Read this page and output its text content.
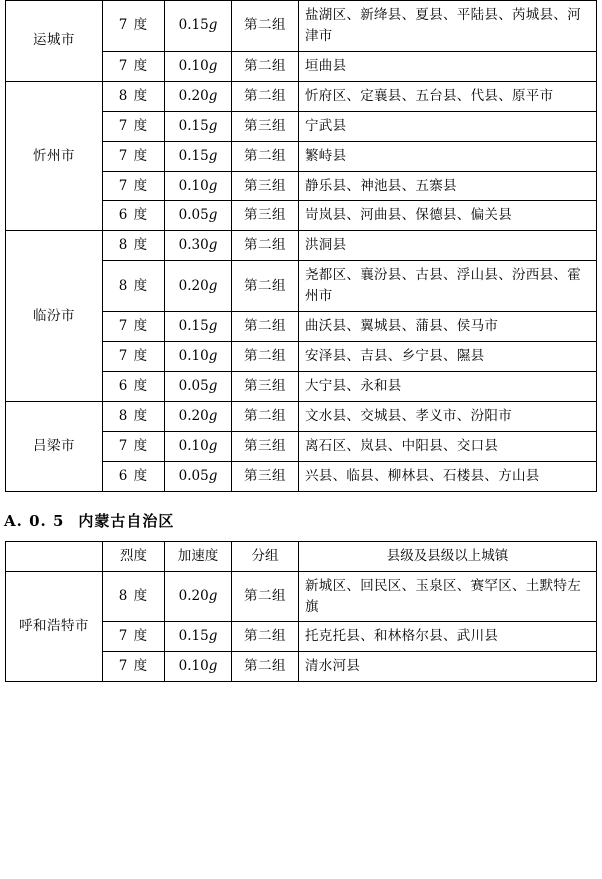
运城市	7 度	0.15g	第二组	盐湖区、新绛县、夏县、平陆县、芮城县、河津市
	7 度	0.10g	第二组	垣曲县
忻州市	8 度	0.20g	第二组	忻府区、定襄县、五台县、代县、原平市
	7 度	0.15g	第三组	宁武县
	7 度	0.15g	第二组	繁峙县
	7 度	0.10g	第三组	静乐县、神池县、五寨县
	6 度	0.05g	第三组	岢岚县、河曲县、保德县、偏关县
临汾市	8 度	0.30g	第二组	洪洞县
	8 度	0.20g	第二组	尧都区、襄汾县、古县、浮山县、汾西县、霍州市
	7 度	0.15g	第二组	曲沃县、翼城县、蒲县、侯马市
	7 度	0.10g	第二组	安泽县、吉县、乡宁县、隰县
	6 度	0.05g	第三组	大宁县、永和县
吕梁市	8 度	0.20g	第二组	文水县、交城县、孝义市、汾阳市
	7 度	0.10g	第三组	离石区、岚县、中阳县、交口县
	6 度	0.05g	第三组	兴县、临县、柳林县、石楼县、方山县
A. 0. 5 内蒙古自治区
	烈度	加速度	分组	县级及县级以上城镇
呼和浩特市	8 度	0.20g	第二组	新城区、回民区、玉泉区、赛罕区、土默特左旗
	7 度	0.15g	第二组	托克托县、和林格尔县、武川县
	7 度	0.10g	第二组	清水河县
